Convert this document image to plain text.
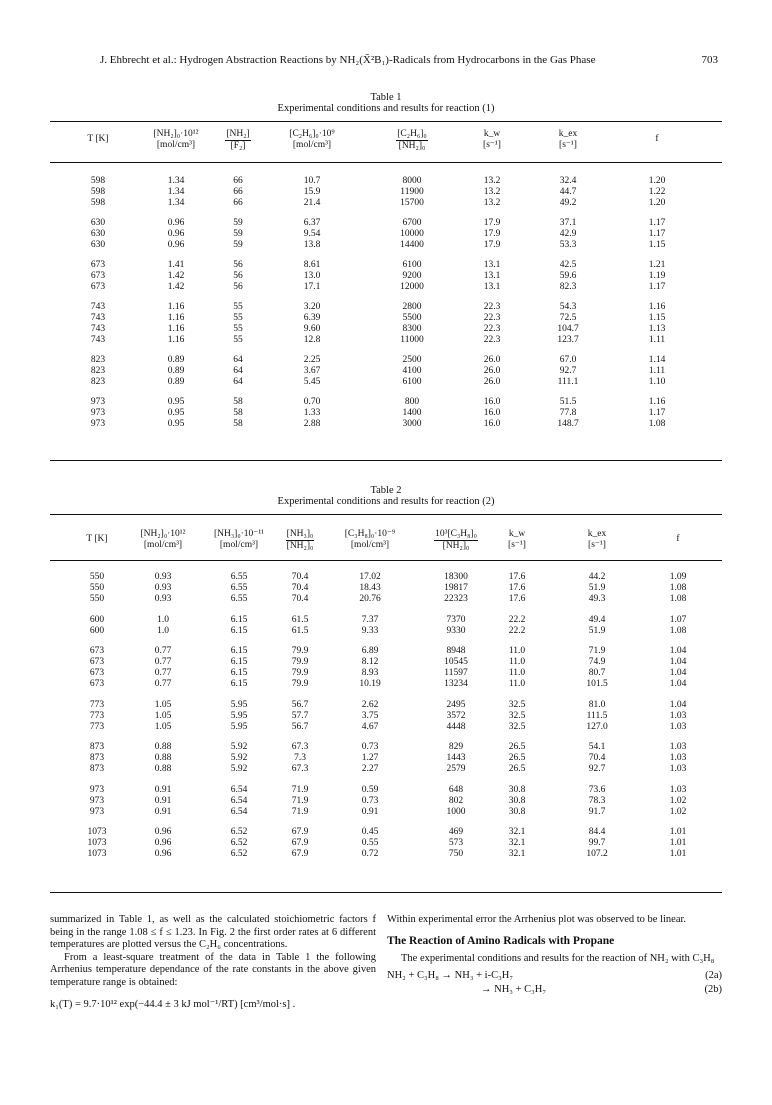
J. Ehbrecht et al.: Hydrogen Abstraction Reactions by NH₂(X̃²B₁)-Radicals from Hydrocarbons in the Gas Phase	703
Table 1
Experimental conditions and results for reaction (1)
T [K]	[NH₂]₀·10¹²
[mol/cm³]
[NH₂]
[F₂]
[C₂H₆]₀·10⁹
[mol/cm³]
[C₂H₆]₀
[NH₂]₀
k_w
[s⁻¹]
k_ex
[s⁻¹]
f
598	1.34	66	10.7	8000	13.2	32.4	1.20
598	1.34	66	15.9	11900	13.2	44.7	1.22
598	1.34	66	21.4	15700	13.2	49.2	1.20
630	0.96	59	6.37	6700	17.9	37.1	1.17
630	0.96	59	9.54	10000	17.9	42.9	1.17
630	0.96	59	13.8	14400	17.9	53.3	1.15
673	1.41	56	8.61	6100	13.1	42.5	1.21
673	1.42	56	13.0	9200	13.1	59.6	1.19
673	1.42	56	17.1	12000	13.1	82.3	1.17
743	1.16	55	3.20	2800	22.3	54.3	1.16
743	1.16	55	6.39	5500	22.3	72.5	1.15
743	1.16	55	9.60	8300	22.3	104.7	1.13
743	1.16	55	12.8	11000	22.3	123.7	1.11
823	0.89	64	2.25	2500	26.0	67.0	1.14
823	0.89	64	3.67	4100	26.0	92.7	1.11
823	0.89	64	5.45	6100	26.0	111.1	1.10
973	0.95	58	0.70	800	16.0	51.5	1.16
973	0.95	58	1.33	1400	16.0	77.8	1.17
973	0.95	58	2.88	3000	16.0	148.7	1.08
Table 2
Experimental conditions and results for reaction (2)
T [K]	[NH₂]₀·10¹²
[mol/cm³]
[NH₃]₀·10⁻¹¹
[mol/cm³]
[NH₃]₀
[NH₂]₀
[C₃H₈]₀·10⁻⁹
[mol/cm³]
10³[C₃H₈]₀
[NH₂]₀
k_w
[s⁻¹]
k_ex
[s⁻¹]
f
550	0.93	6.55	70.4	17.02	18300	17.6	44.2	1.09
550	0.93	6.55	70.4	18.43	19817	17.6	51.9	1.08
550	0.93	6.55	70.4	20.76	22323	17.6	49.3	1.08
600	1.0	6.15	61.5	7.37	7370	22.2	49.4	1.07
600	1.0	6.15	61.5	9.33	9330	22.2	51.9	1.08
673	0.77	6.15	79.9	6.89	8948	11.0	71.9	1.04
673	0.77	6.15	79.9	8.12	10545	11.0	74.9	1.04
673	0.77	6.15	79.9	8.93	11597	11.0	80.7	1.04
673	0.77	6.15	79.9	10.19	13234	11.0	101.5	1.04
773	1.05	5.95	56.7	2.62	2495	32.5	81.0	1.04
773	1.05	5.95	57.7	3.75	3572	32.5	111.5	1.03
773	1.05	5.95	56.7	4.67	4448	32.5	127.0	1.03
873	0.88	5.92	67.3	0.73	829	26.5	54.1	1.03
873	0.88	5.92	7.3	1.27	1443	26.5	70.4	1.03
873	0.88	5.92	67.3	2.27	2579	26.5	92.7	1.03
973	0.91	6.54	71.9	0.59	648	30.8	73.6	1.03
973	0.91	6.54	71.9	0.73	802	30.8	78.3	1.02
973	0.91	6.54	71.9	0.91	1000	30.8	91.7	1.02
1073	0.96	6.52	67.9	0.45	469	32.1	84.4	1.01
1073	0.96	6.52	67.9	0.55	573	32.1	99.7	1.01
1073	0.96	6.52	67.9	0.72	750	32.1	107.2	1.01

summarized in Table 1, as well as the calculated stoichiometric factors f being in the range 1.08 ≤ f ≤ 1.23. In Fig. 2 the first order rates at 6 different temperatures are plotted versus the C₂H₆ concentrations.

From a least-square treatment of the data in Table 1 the following Arrhenius temperature dependance of the rate constants in the above given temperature range is obtained:

k₁(T) = 9.7·10¹² exp(−44.4 ± 3 kJ mol⁻¹/RT) [cm³/mol·s] .

Within experimental error the Arrhenius plot was observed to be linear.

The Reaction of Amino Radicals with Propane

The experimental conditions and results for the reaction of NH₂ with C₃H₈

NH₂ + C₃H₈ → NH₃ + i-C₃H₇	(2a)
→ NH₃ + C₃H₇	(2b)
